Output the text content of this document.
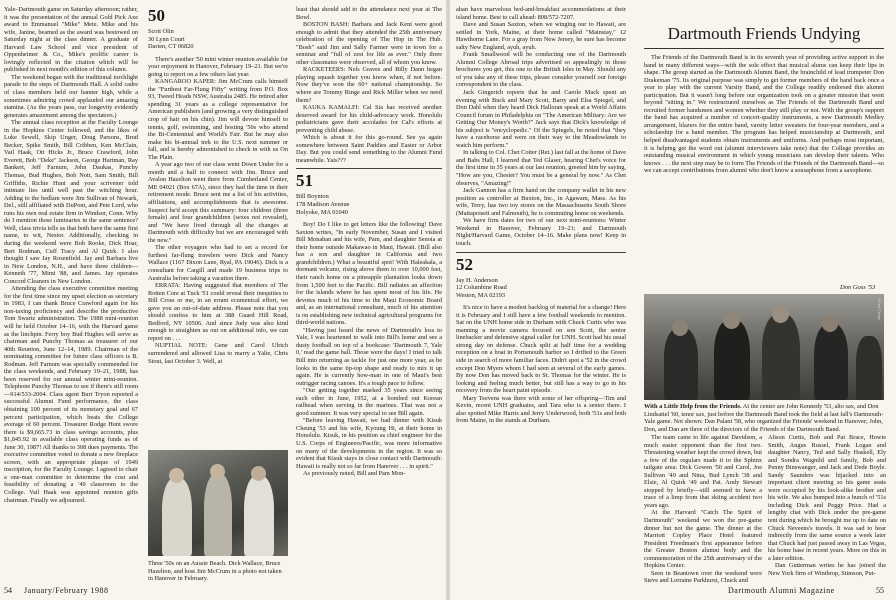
Yale–Dartmouth game on Saturday afternoon; rather, it was the presentation of the annual Gold Pick Axe award to Emmanuel "Mike" Mete. Mike and his wife, Janine, beamed as the award was bestowed on Saturday night at the class dinner. A graduate of Harvard Law School and vice president of Oppenheimer & Co., Mike's prolific career is lovingly reflected in the citation which will be published in next month's edition of this column.

The weekend began with the traditional torchlight parade to the steps of Dartmouth Hall. A solid cadre of class members held our banner high, while a sometimes admiring crowd applauded our amazing stamina. (As the years pass, our longevity evidently generates amazement among the spectators.)

The annual class reception at the Faculty Lounge in the Hopkins Center followed, and the likes of Luke Sewell, Skip Unger, Doug Parsons, Brud Becker, Spike Smith, Bill Cribben, Ken McClain, Vail Haak, Ott Hicks Jr., Bruce Crawford, John Everett, Bob "Deke" Jackson, George Hartman, Ray Bankert, Jeff Farnum, John Daukas, Punchy Thomas, Bud Hughes, Bob Nott, Sam Smith, Bill Griffiths, Richie Hunt and your scrivener told intimate lies until well past the witching hour. Adding to the bedlam were Jim Sullivan of Newark, Del., still affiliated with DuPont, and Pete Lord, who runs his own real estate firm in Windsor, Conn. Why do I mention those luminaries in the same sentence? Well, class trivia tells us that both have the same first name, to wit, Nestor. Additionally, checking in during the weekend were Bob Rooke, Dick Hoar, Bert Rodman, Cuff Tracy and Al Quirk. I also thought I saw Jay Rosenfield. Jay and Barbara live in New London, N.H., and have three children—Kenneth '77, Mimi '88, and James. Jay operates Concord Cleaners in New London.

Attending the class executive committee meeting for the first time since my upset election as secretary in 1983, I can thank Bruce Crawford again for his non-taxing proficiency and describe the productive Tom Swartz administration. The 1988 mini-reunion will be held October 14–16, with the Harvard game as the linchpin. Ferry boy Bud Hughes will serve as chairman and Punchy Thomas as treasurer of our 40th Reunion, June 12–14, 1989. Chairman of the nominating committee for future class officers is B. Rodman. Jeff Farnum was specially commended for the class weekends, and February 19–21, 1988, has been reserved for our annual winter mini-reunion. Telephone Punchy Thomas to see if there's still room—914/533-2004. Class agent Burt Tryon reported a successful Alumni Fund performance, the class obtaining 100 percent of its monetary goal and 67 percent participation, which beats the College average of 60 percent. Treasurer Rodge Hunt swore there is $9,665.73 in class savings accounts, plus $1,845.92 in available class operating funds as of June 30, 1987! All thanks to 308 dues payments. The executive committee voted to donate a new fireplace screen, with an appropriate plaque of 1949 inscription, for the Faculty Lounge. I agreed to chair a one-man committee to determine the cost and feasibility of donating a '49 classroom to the College. Vail Haak was appointed reunion gifts chairman. Finally we adjourned.

50

Scott Olin
30 Lynn Court
Darien, CT 06820

There's another '50 mini winter reunion available for your enjoyment in Hanover, February 19–21. But we're going to report on a few others last year.

KANGAROO KAPER: Jim McCrum calls himself the "Furthest Far-Flung Fifty" writing from P.O. Box 93, Tweed Heads NSW, Australia 2485. He retired after spending 31 years as a college representative for American publishers (and growing a very distinguished crop of hair on his chin). Jim will devote himself to tennis, golf, swimming, and hosting '50s who attend the Bi-Centennial and World's Fair. But he may also make his bi-annual trek to the U.S. next summer or fall, and is hereby admonished to check in with us On The Plain.

A year ago two of our class went Down Under for a month and a half to connect with Jim. Bruce and Avalon Hazelton went there from Cumberland Center, ME 04021 (Box 67A), since they had the time in their retirement mode. Bruce sent me a list of his activities, affiliations, and accomplishments that is awesome. Suspect he'd accept this summary: four children (three female) and four grandchildren (sexes not revealed), and "We have lived through all the changes at Dartmouth with difficulty but we are encouraged with the new."

The other voyagers who had to set a record for furthest far-flung travelers were Dick and Nancy Wallace (1167 Dixon Lane, Ryal, PA 19046). Dick is a consultant for Cargill and made 19 business trips to Australia before taking a vacation there.

ERRATA: Having suggested that members of The Rotten Core at Tuck '51 could reveal their inequities to Bill Cross or me, in an errant ecumenical effort, we gave you an out-of-date address. Please note that you should confess to him at 388 Guard Hill Road, Bedford, NY 10506. And since Judy was also kind enough to straighten us out on additional info, we can report on . . .

NUPTIAL NOTE: Gene and Carol Ulrich surrendered and allowed Lisa to marry a Yalie, Chris Stout, last October 3. Well, at

Three '50s on an Aussie Beach. Dick Wallace, Bruce Hazelton, and host Jim McCrum in a photo not taken in Hanover in February.

least that should add to the attendance next year at The Bowl.

BOSTON BASH: Barbara and Jack Kent were good enough to admit that they attended the 25th anniversary celebration of the opening of The Hop in The Hub. "Bosh" said Jim and Sally Farmer were in town for a seminar and "full of zest for life as ever." Only three other classmates were observed, all of whom you know.

RACKETEERS: Nels Graves and Billy Dann began playing squash together you know when, if not before. Now they've won the 60+ national championship. So where are Tommy Ringe and Rick Miller when we need them?

KAUKA KAMALFI: Cal Sia has received another deserved award for his child-advocacy work. Honolulu pediatricians gave their accolades for Cal's efforts at preventing child abuse.

Which is about it for this go-round. See ya again somewhere between Saint Paddies and Easter or Arbor Day. But you could send something to the Alumni Fund meanwhile. Yais???

51

Bill Boynton
178 Madison Avenue
Holyoke, MA 01040

Boy! Do I like to get letters like the following! Dave Saxton writes, "In early November, Susan and I visited Bill Monahan and his wife, Pam, and daughter Senoia at their home outside Makawao in Maui, Hawaii. (Bill also has a son and daughter in California and two grandchildren.) What a beautiful spot! With Haleakala, a dormant volcano, rising above them to over 10,000 feet, their ranch home on a pineapple plantation looks down from 1,500 feet to the Pacific. Bill radiates an affection for the islands where he has spent most of his life. He devotes much of his time to the Maui Economic Board and, as an international consultant, much of his attention is on establishing new technical agricultural programs for third-world nations.

"Having just heard the news of Dartmouth's loss to Yale, I was heartened to walk into Bill's home and see a dusty football on top of a bookcase: 'Dartmouth 7, Yale 0,' read the game ball. Those were the days! I tried to talk Bill into returning as tackle for just one more year, as he looks in the same tip-top shape and ready to mix it up again. He is currently how-man in one of Maui's best outrigger racing canoes. It's a tough pace to follow.

"Our getting together marked 35 years since seeing each other in June, 1952, at a bombed out Korean railhead when serving in the marines. That was not a good summer. It was very special to see Bill again.

"Before leaving Hawaii, we had dinner with Kisuk Cheung '53 and his wife, Kyoung Hi, at their home in Honolulu. Kisuk, in his position as chief engineer for the U.S. Corps of Engineers/Pacific, was more informative on many of the developments in the region. It was so evident that Kisuk stays in close contact with Dartmouth: Hawaii is really not so far from Hanover . . . in spirit."

As previously noted, Bill and Pam Mon-

54 January/February 1988

ahan have marvelous bed-and-breakfast accommodations at their island home. Best to call ahead: 808/572-7207.

Dave and Susan Saxton, when we winging our to Hawaii, are settled in York, Maine, at their home called "Mainstay," 12 Hawthorne Lane. For a gray from New Jersey, he sure has become salty New England, ayuh, ayuh.

Frank Smallwood will be conducting one of the Dartmouth Alumni College Abroad trips advertised so appealingly in those brochures you get, this one to the British Isles in May. Should any of you take any of these trips, please consider yourself our foreign correspondent to the class.

Jack Gingerich reports that he and Carole Mack spent an evening with Buck and Mary Scott, Barry and Elsa Spiegel, and Don Dahl when they heard Dick Halloran speak at a World Affairs Council forum in Philadelphia on "The American Military: Are we Getting Our Money's Worth?" Jack says that Dick's knowledge of his subject is "encyclopedic." Of the Spiegels, he noted that "they have a racehorse and were on their way to the Meadowlands to watch him perform."

In talking to Col. Chet Cotter (Ret.) last fall at the home of Dave and Babs Hall, I learned that Ted Glaser, hearing Chet's voice for the first time in 35 years at our last reunion, greeted him by saying, "How are you, Chester? You must be a general by now." As Chet observes, "Amazing!"

Jack Gannon has a firm hand on the company wallet in his new position as controller at Buxton, Inc., in Agawam, Mass. As his wife, Terry, has two toy stores on the Massachusetts South Shore (Mattapoisett and Falmouth), he is commuting home on weekends.

We have firm dates for two of our next mini-reunions: Winter Weekend in Hanover, February 19–21; and Dartmouth Night/Harvard Game, October 14–16. Make plans now! Keep in touch.

52

Jay H. Anderson
12 Columbine Road
Weston, MA 02193

It's nice to have a modest backlog of material for a change! Here it is February and I still have a few football weekends to mention. Sat on the UNH home side in Durham with Chuck Curtis who was manning a movie camera focused on son Scott, the senior linebacker and defensive signal caller for UNH. Scott had his usual strong day on defense. Chuck split at half time for a wedding reception on a boat in Portsmouth harbor so I drifted to the Green side in search of more familiar faces. Didn't spot a '52 in the crowd except Don Myers whom I had seen at several of the early games. By now Don has moved back to St. Thomas for the winter. He is looking and feeling much better, but still has a way to go in his recovery from the heart paint episode.

Mary Teevens was there with some of her offspring—Tim and Kevin, recent UNH graduates, and Tara who is a senior there. I also spotted Mike Harris and Jerry Underwood, both '51s and both from Maine, in the stands at Durham.

Dartmouth Friends Undying

The Friends of the Dartmouth Band is in its seventh year of providing active support to the band in many different ways—with the sole effect that musical alums can keep their lips in shape. The group started as the Dartmouth Alumni Band, the brainchild of lead trumpeter Don Drakeman '75. Its original purpose was simply to get former members of the band back once a year to play with the current Varsity Band, and the College readily endorsed this alumni participation. But it wasn't long before our organization took on a greater mission that went beyond "sitting in." We restructured ourselves as The Friends of the Dartmouth Band and recruited former bandsmen and women whether they still play or not. With the group's support the band has acquired a number of concert-quality instruments, a new Dartmouth Medley arrangement, blazers for the entire band, varsity letter sweaters for four-year members, and a scholarship for a band member. The program has helped musicianship at Dartmouth, and helped disadvantaged students obtain instruments and uniforms. And perhaps most important, it is helping get the word out (alumni interviewers take note) that the College provides an outstanding musical environment in which young musicians can develop their talents. Who knows . . . the next step may be to form The Friends of the Friends of the Dartmouth Band—so we can accept contributions from alumni who don't know a sousaphone from a saxophone.

Don Goss '53
Allen Crane
With a Little Help from the Friends. At the center are John Kennedy '53, alto sax, and Don Lindsattel '60, tenor sax, just before the Dartmouth Band took the field at last fall's Dartmouth-Yale game. Not shown: Dan Palant '58, who organized the Friends' weekend in Hanover; John, Don, and Dan are three of the directors of the Friends of the Dartmouth Band.

The team came to life against Davidson, a much easier opponent than the first two. Threatening weather kept the crowd down, but a few of the regulars made it to the Sphinx tailgate area: Dick Gowen '50 and Carol, Joe Sullivan '49 and Nina, Bud Lynch '38 and Elsie, Al Quirk '49 and Pat. Andy Stewart stopped by briefly—still seemed to have a trace of a limp from that skiing accident two years ago.

At the Harvard "Catch The Spirit of Dartmouth" weekend we won the pre-game dinner but not the game. The dinner at the Marriott Copley Place Hotel featured President Freedman's first appearance before the Greater Boston alumni body and the commemoration of the 25th anniversary of the Hopkins Center.

Seen in Beantown over the weekend were Steve and Lorraine Parkhurst, Chuck and

Alison Curtis, Bob and Pat Brace, Howie Smith, Angus Russel, Frank Logan and daughter Nancy, Ted and Sally Haskell, Ely and Sondra Wagnild and family, Bob and Penny Binswanger, and Jack and Dede Boyle. Sandy Saunders was hijacked into an important client meeting so his game seats were occupied by his look-alike brother and his wife. We also bumped into a bunch of '51s including Dick and Peggy Price. Had a lengthy chat with Dick under the pre-game tent during which he brought me up to date on Chuck Neveens's travels. It was sad to hear indirectly from the same source a week later that Chuck had just passed away in Las Vegas, his home base in recent years. More on this in a later edition.

Dan Gutterman writes he has joined the New York firm of Winthrop, Stimson, Put-

Dartmouth Alumni Magazine	55
